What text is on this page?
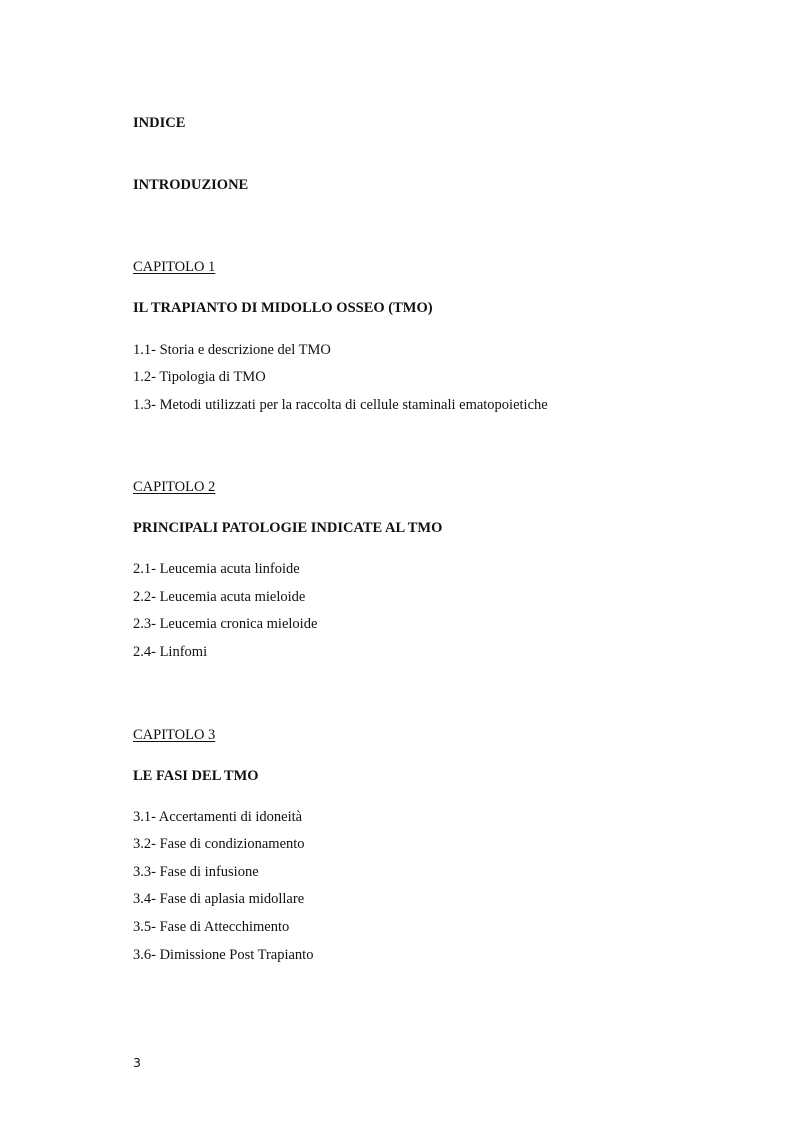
INDICE
INTRODUZIONE
CAPITOLO 1
IL TRAPIANTO DI MIDOLLO OSSEO (TMO)
1.1- Storia e descrizione del TMO
1.2- Tipologia di TMO
1.3- Metodi utilizzati per la raccolta di cellule staminali ematopoietiche
CAPITOLO 2
PRINCIPALI PATOLOGIE INDICATE AL TMO
2.1- Leucemia acuta linfoide
2.2- Leucemia acuta mieloide
2.3- Leucemia cronica mieloide
2.4- Linfomi
CAPITOLO 3
LE FASI DEL TMO
3.1- Accertamenti di idoneità
3.2- Fase di condizionamento
3.3- Fase di infusione
3.4- Fase di aplasia midollare
3.5- Fase di Attecchimento
3.6- Dimissione Post Trapianto
3
